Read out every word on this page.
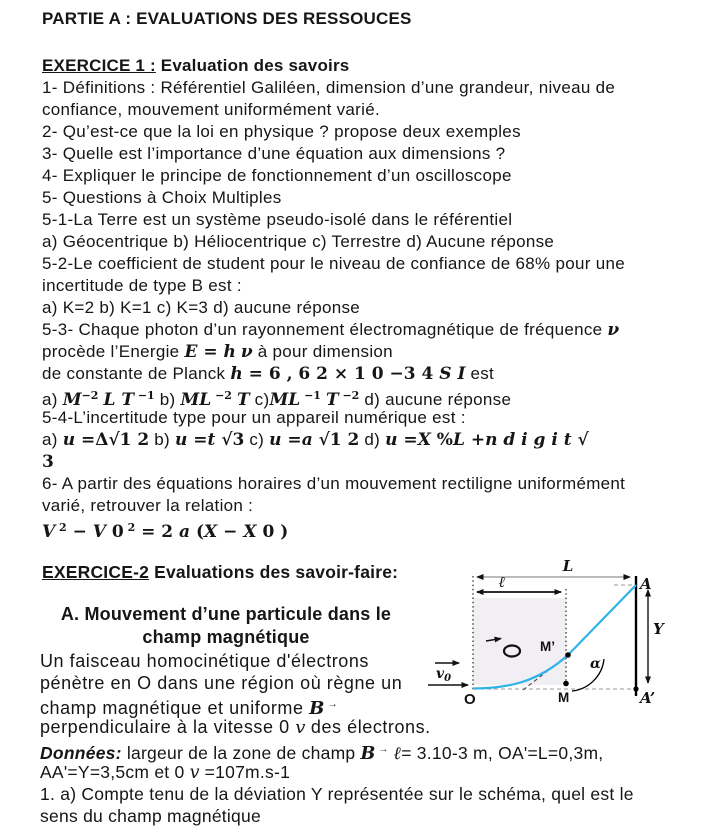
PARTIE A : EVALUATIONS DES RESSOUCES
EXERCICE 1 : Evaluation des savoirs
1- Définitions : Référentiel Galiléen, dimension d’une grandeur, niveau de
confiance, mouvement uniformément varié.
2- Qu’est-ce que la loi en physique ? propose deux exemples
3- Quelle est l’importance d’une équation aux dimensions ?
4- Expliquer le principe de fonctionnement d’un oscilloscope
5- Questions à Choix Multiples
5-1-La Terre est un système pseudo-isolé dans le référentiel
a) Géocentrique b) Héliocentrique c) Terrestre d) Aucune réponse
5-2-Le coefficient de student pour le niveau de confiance de 68% pour une
incertitude de type B est :
a) K=2 b) K=1 c) K=3 d) aucune réponse
5-3- Chaque photon d’un rayonnement électromagnétique de fréquence ν
procède l’Energie E = h ν à pour dimension
de constante de Planck h = 6 , 6 2 × 1 0 −3 4 S I est
a) $M^{-2}$ L T $^{-1}$ b) ML $^{-2}$ T c)ML $^{-1}$ T $^{-2}$ d) aucune réponse
5-4-L’incertitude type pour un appareil numérique est :
a) u =Δ√1 2 b) u =t √3 c) u =a √1 2 d) u =X %L +n d i g i t √
3
6- A partir des équations horaires d’un mouvement rectiligne uniformément
varié, retrouver la relation :
V $^2$ − V 0 $^2$ = 2 a (X − X 0 )
EXERCICE-2 Evaluations des savoir-faire:
A. Mouvement d’une particule dans le
champ magnétique
Un faisceau homocinétique d'électrons
pénètre en O dans une région où règne un
champ magnétique et uniforme B →
perpendiculaire à la vitesse 0 v des électrons.
Données: largeur de la zone de champ B → ℓ= 3.10-3 m, OA'=L=0,3m,
AA'=Y=3,5cm et 0 v =107m.s-1
1. a) Compte tenu de la déviation Y représentée sur le schéma, quel est le
sens du champ magnétique
L
ℓ
Y
α
$v_0$
M’
M
O
A
A’
